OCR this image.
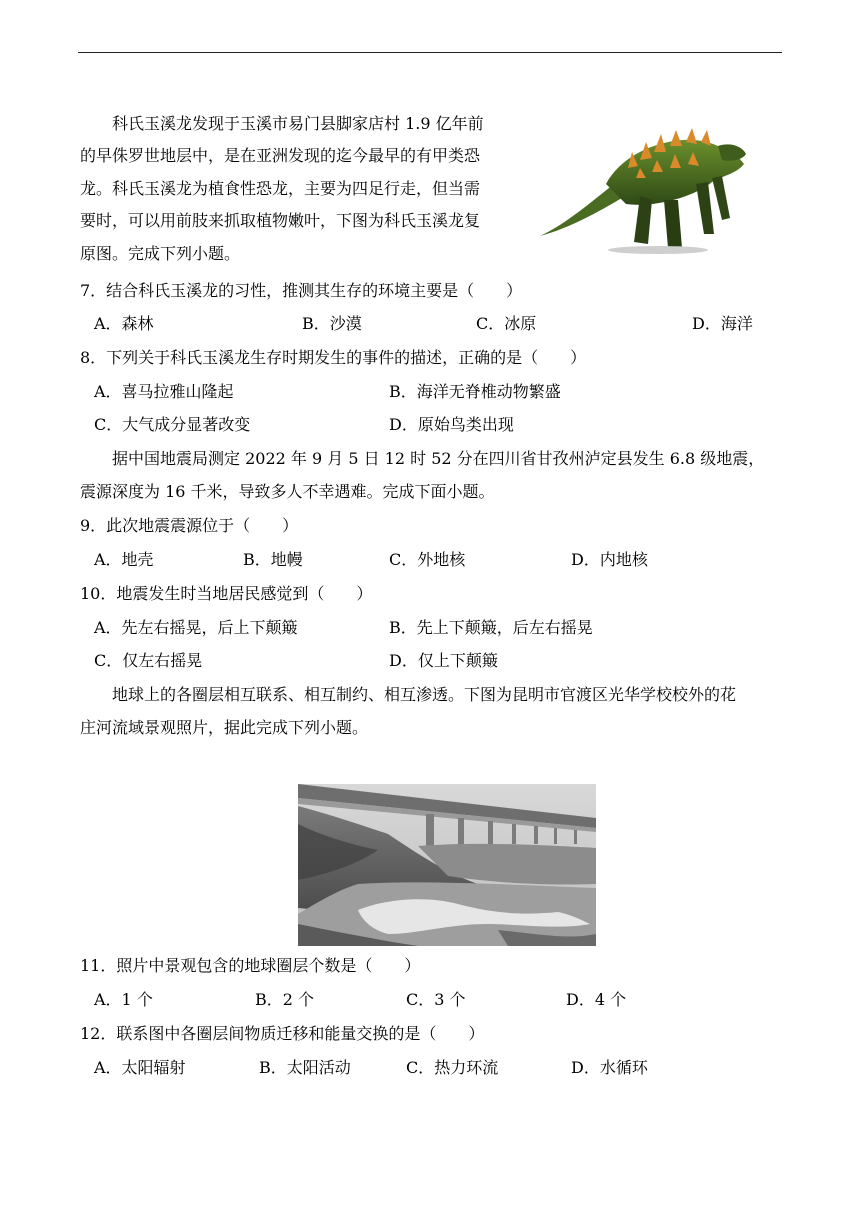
科氏玉溪龙发现于玉溪市易门县脚家店村 1.9 亿年前
的早侏罗世地层中，是在亚洲发现的迄今最早的有甲类恐
龙。科氏玉溪龙为植食性恐龙，主要为四足行走，但当需
要时，可以用前肢来抓取植物嫩叶，下图为科氏玉溪龙复
原图。完成下列小题。
7．结合科氏玉溪龙的习性，推测其生存的环境主要是（　　）
A．森林	B．沙漠	C．冰原	D．海洋
8．下列关于科氏玉溪龙生存时期发生的事件的描述，正确的是（　　）
A．喜马拉雅山隆起	B．海洋无脊椎动物繁盛
C．大气成分显著改变	D．原始鸟类出现
　　据中国地震局测定 2022 年 9 月 5 日 12 时 52 分在四川省甘孜州泸定县发生 6.8 级地震，
震源深度为 16 千米，导致多人不幸遇难。完成下面小题。
9．此次地震震源位于（　　）
A．地壳	B．地幔	C．外地核	D．内地核
10．地震发生时当地居民感觉到（　　）
A．先左右摇晃，后上下颠簸	B．先上下颠簸，后左右摇晃
C．仅左右摇晃	D．仅上下颠簸
　　地球上的各圈层相互联系、相互制约、相互渗透。下图为昆明市官渡区光华学校校外的花
庄河流域景观照片，据此完成下列小题。
11．照片中景观包含的地球圈层个数是（　　）
A．1 个	B．2 个	C．3 个	D．4 个
12．联系图中各圈层间物质迁移和能量交换的是（　　）
A．太阳辐射	B．太阳活动	C．热力环流	D．水循环
